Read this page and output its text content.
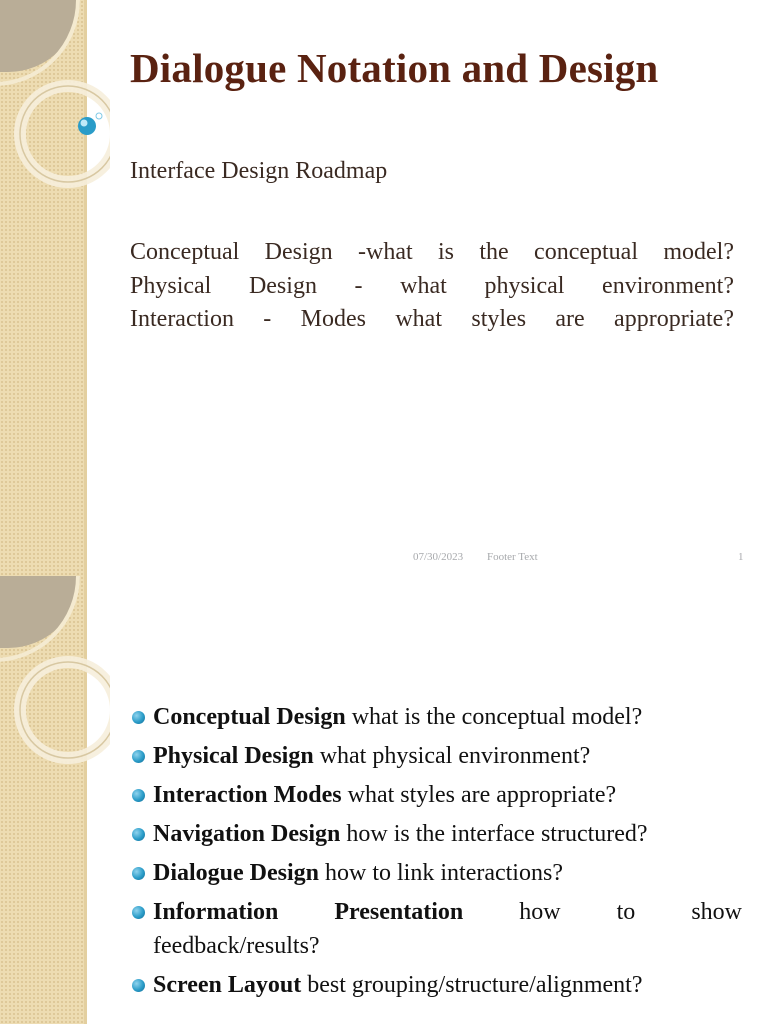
Dialogue Notation and Design
Interface Design Roadmap
Conceptual Design -what is the conceptual model?
Physical Design - what physical environment?
Interaction - Modes what styles are appropriate?
07/30/2023 Footer Text	1
Conceptual Design what is the conceptual model?
Physical Design what physical environment?
Interaction Modes what styles are appropriate?
Navigation Design how is the interface structured?
Dialogue Design how to link interactions?
Information Presentation how to show
feedback/results?
Screen Layout best grouping/structure/alignment?
